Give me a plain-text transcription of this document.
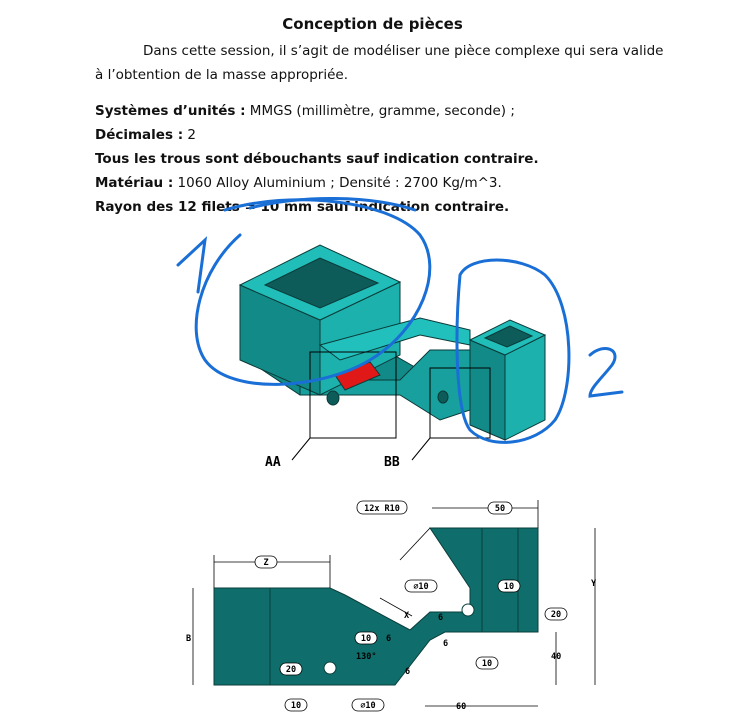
Conception de pièces
Dans cette session, il s’agit de modéliser une pièce complexe qui sera valide
à l’obtention de la masse appropriée.
Systèmes d’unités : MMGS (millimètre, gramme, seconde) ;
Décimales : 2
Tous les trous sont débouchants sauf indication contraire.
Matériau : 1060 Alloy Aluminium ; Densité : 2700 Kg/m^3.
Rayon des 12 filets = 10 mm sauf indication contraire.
AA	BB
12x R10
Z
50
Y
B
⌀10	10
20
X	6
10 6	6
130°
6
20
10
40
10	⌀10	60
